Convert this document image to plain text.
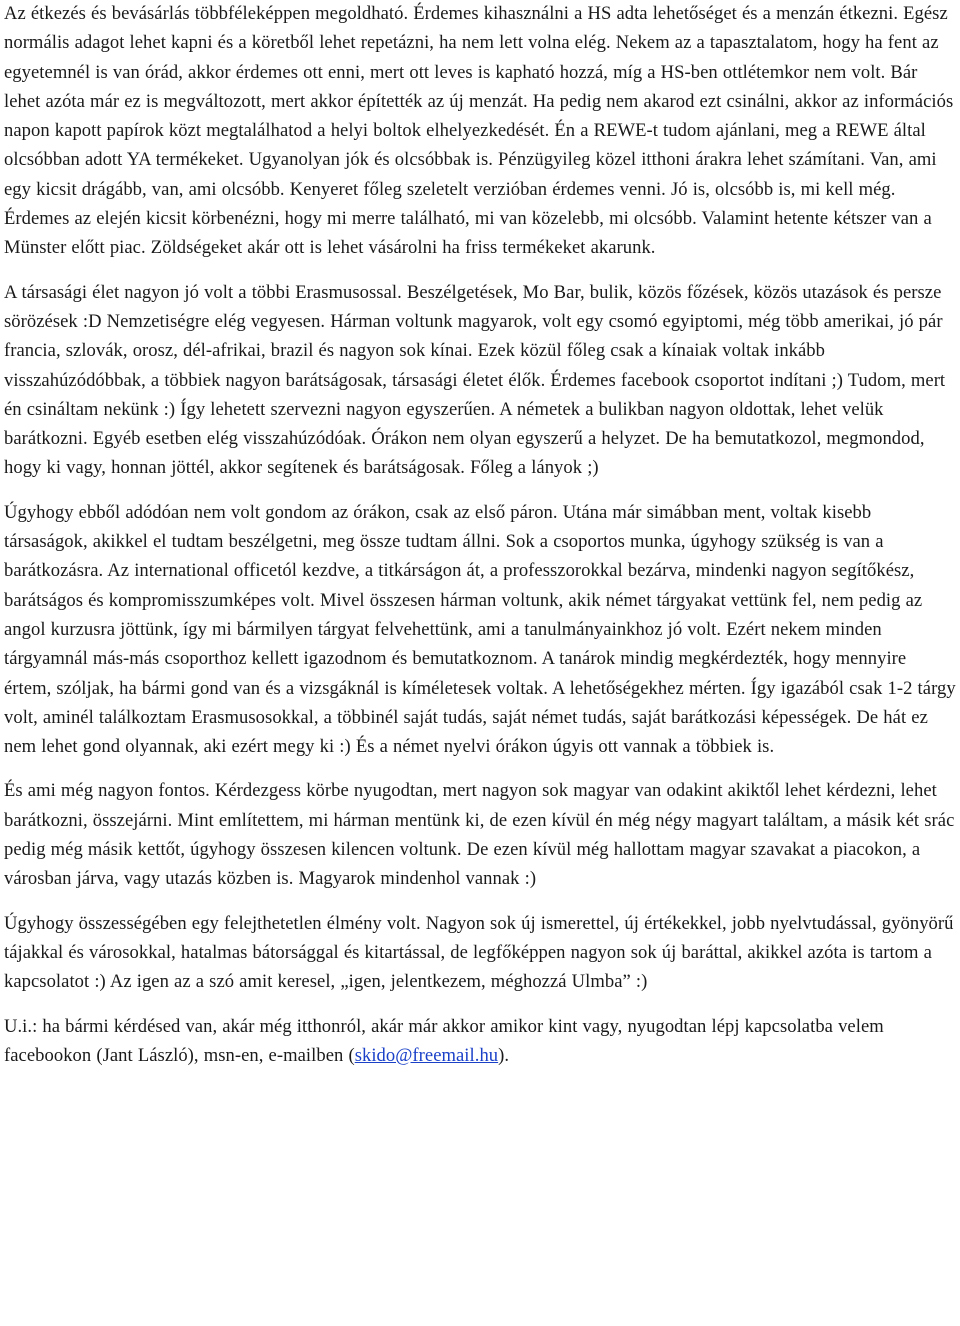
Az étkezés és bevásárlás többféleképpen megoldható. Érdemes kihasználni a HS adta lehetőséget és a menzán étkezni. Egész normális adagot lehet kapni és a köretből lehet repetázni, ha nem lett volna elég. Nekem az a tapasztalatom, hogy ha fent az egyetemnél is van órád, akkor érdemes ott enni, mert ott leves is kapható hozzá, míg a HS-ben ottlétemkor nem volt. Bár lehet azóta már ez is megváltozott, mert akkor építették az új menzát. Ha pedig nem akarod ezt csinálni, akkor az információs napon kapott papírok közt megtalálhatod a helyi boltok elhelyezkedését. Én a REWE-t tudom ajánlani, meg a REWE által olcsóbban adott YA termékeket. Ugyanolyan jók és olcsóbbak is. Pénzügyileg közel itthoni árakra lehet számítani. Van, ami egy kicsit drágább, van, ami olcsóbb. Kenyeret főleg szeletelt verzióban érdemes venni. Jó is, olcsóbb is, mi kell még. Érdemes az elején kicsit körbenézni, hogy mi merre található, mi van közelebb, mi olcsóbb. Valamint hetente kétszer van a Münster előtt piac. Zöldségeket akár ott is lehet vásárolni ha friss termékeket akarunk.

A társasági élet nagyon jó volt a többi Erasmusossal. Beszélgetések, Mo Bar, bulik, közös főzések, közös utazások és persze sörözések :D Nemzetiségre elég vegyesen. Hárman voltunk magyarok, volt egy csomó egyiptomi, még több amerikai, jó pár francia, szlovák, orosz, dél-afrikai, brazil és nagyon sok kínai. Ezek közül főleg csak a kínaiak voltak inkább visszahúzódóbbak, a többiek nagyon barátságosak, társasági életet élők. Érdemes facebook csoportot indítani ;) Tudom, mert én csináltam nekünk :) Így lehetett szervezni nagyon egyszerűen. A németek a bulikban nagyon oldottak, lehet velük barátkozni. Egyéb esetben elég visszahúzódóak. Órákon nem olyan egyszerű a helyzet. De ha bemutatkozol, megmondod, hogy ki vagy, honnan jöttél, akkor segítenek és barátságosak. Főleg a lányok ;)

Úgyhogy ebből adódóan nem volt gondom az órákon, csak az első páron. Utána már simábban ment, voltak kisebb társaságok, akikkel el tudtam beszélgetni, meg össze tudtam állni. Sok a csoportos munka, úgyhogy szükség is van a barátkozásra. Az international officetól kezdve, a titkárságon át, a professzorokkal bezárva, mindenki nagyon segítőkész, barátságos és kompromisszumképes volt. Mivel összesen hárman voltunk, akik német tárgyakat vettünk fel, nem pedig az angol kurzusra jöttünk, így mi bármilyen tárgyat felvehettünk, ami a tanulmányainkhoz jó volt. Ezért nekem minden tárgyamnál más-más csoporthoz kellett igazodnom és bemutatkoznom. A tanárok mindig megkérdezték, hogy mennyire értem, szóljak, ha bármi gond van és a vizsgáknál is kíméletesek voltak. A lehetőségekhez mérten. Így igazából csak 1-2 tárgy volt, aminél találkoztam Erasmusosokkal, a többinél saját tudás, saját német tudás, saját barátkozási képességek. De hát ez nem lehet gond olyannak, aki ezért megy ki :) És a német nyelvi órákon úgyis ott vannak a többiek is.

És ami még nagyon fontos. Kérdezgess körbe nyugodtan, mert nagyon sok magyar van odakint akiktől lehet kérdezni, lehet barátkozni, összejárni. Mint említettem, mi hárman mentünk ki, de ezen kívül én még négy magyart találtam, a másik két srác pedig még másik kettőt, úgyhogy összesen kilencen voltunk. De ezen kívül még hallottam magyar szavakat a piacokon, a városban járva, vagy utazás közben is. Magyarok mindenhol vannak :)

Úgyhogy összességében egy felejthetetlen élmény volt. Nagyon sok új ismerettel, új értékekkel, jobb nyelvtudással, gyönyörű tájakkal és városokkal, hatalmas bátorsággal és kitartással, de legfőképpen nagyon sok új baráttal, akikkel azóta is tartom a kapcsolatot :) Az igen az a szó amit keresel, „igen, jelentkezem, méghozzá Ulmba” :)

U.i.: ha bármi kérdésed van, akár még itthonról, akár már akkor amikor kint vagy, nyugodtan lépj kapcsolatba velem facebookon (Jant László), msn-en, e-mailben (skido@freemail.hu).
